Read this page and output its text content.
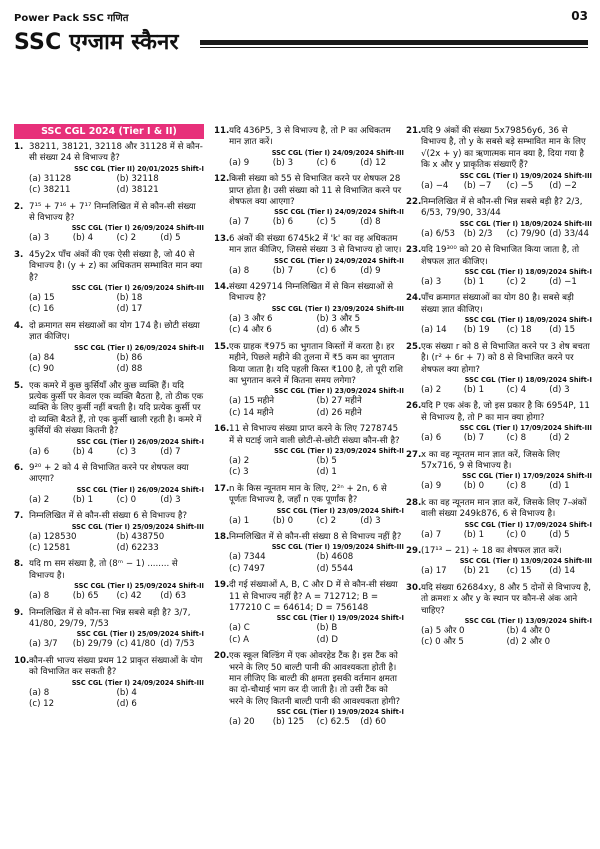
Power Pack SSC गणित	03
SSC एग्जाम स्कैनर
SSC CGL 2024 (Tier I & II)
1. 38211, 38121, 32118 और 31128 में से कौन-सी संख्या 24 से विभाज्य है?
SSC CGL (Tier II) 20/01/2025 Shift-I
(a) 31128	(b) 32118
(c) 38211	(d) 38121
2. 7¹⁵ + 7¹⁶ + 7¹⁷ निम्नलिखित में से कौन-सी संख्या से विभाज्य है?
SSC CGL (Tier I) 26/09/2024 Shift-III
(a) 3	(b) 4	(c) 2	(d) 5
3. 45y2x पाँच अंकों की एक ऐसी संख्या है, जो 40 से विभाज्य है। (y + z) का अधिकतम सम्भावित मान क्या है?
SSC CGL (Tier I) 26/09/2024 Shift-III
(a) 15	(b) 18
(c) 16	(d) 17
4. दो क्रमागत सम संख्याओं का योग 174 है। छोटी संख्या ज्ञात कीजिए।
SSC CGL (Tier I) 26/09/2024 Shift-II
(a) 84	(b) 86
(c) 90	(d) 88
5. एक कमरे में कुछ कुर्सियाँ और कुछ व्यक्ति हैं। यदि प्रत्येक कुर्सी पर केवल एक व्यक्ति बैठता है, तो ठीक एक व्यक्ति के लिए कुर्सी नहीं बचती है। यदि प्रत्येक कुर्सी पर दो व्यक्ति बैठते हैं, तो एक कुर्सी खाली रहती है। कमरे में कुर्सियों की संख्या कितनी है?
SSC CGL (Tier I) 26/09/2024 Shift-I
(a) 6	(b) 4	(c) 3	(d) 7
6. 9²⁰ + 2 को 4 से विभाजित करने पर शेषफल क्या आएगा?
SSC CGL (Tier I) 26/09/2024 Shift-I
(a) 2	(b) 1	(c) 0	(d) 3
7. निम्नलिखित में से कौन-सी संख्या 6 से विभाज्य है?
SSC CGL (Tier I) 25/09/2024 Shift-III
(a) 128530	(b) 438750
(c) 12581	(d) 62233
8. यदि m सम संख्या है, तो (8ᵐ − 1) ........ से विभाज्य है।
SSC CGL (Tier I) 25/09/2024 Shift-II
(a) 8	(b) 65	(c) 42	(d) 63
9. निम्नलिखित में से कौन-सा भिन्न सबसे बड़ी है? 3/7, 41/80, 29/79, 7/53
SSC CGL (Tier I) 25/09/2024 Shift-I
(a) 3/7	(b) 29/79 (c) 41/80 (d) 7/53
10. कौन-सी भाज्य संख्या प्रथम 12 प्राकृत संख्याओं के योग को विभाजित कर सकती है?
SSC CGL (Tier I) 24/09/2024 Shift-III
(a) 8	(b) 4
(c) 12	(d) 6
11. यदि 436P5, 3 से विभाज्य है, तो P का अधिकतम मान ज्ञात करें।
SSC CGL (Tier I) 24/09/2024 Shift-III
(a) 9	(b) 3	(c) 6	(d) 12
12. किसी संख्या को 55 से विभाजित करने पर शेषफल 28 प्राप्त होता है। उसी संख्या को 11 से विभाजित करने पर शेषफल क्या आएगा?
SSC CGL (Tier I) 24/09/2024 Shift-II
(a) 7	(b) 6	(c) 5	(d) 8
13. 6 अंकों की संख्या 6745k2 में 'k' का वह अधिकतम मान ज्ञात कीजिए, जिससे संख्या 3 से विभाज्य हो जाए।
SSC CGL (Tier I) 24/09/2024 Shift-II
(a) 8	(b) 7	(c) 6	(d) 9
14. संख्या 429714 निम्नलिखित में से किन संख्याओं से विभाज्य है?
SSC CGL (Tier I) 23/09/2024 Shift-III
(a) 3 और 6	(b) 3 और 5
(c) 4 और 6	(d) 6 और 5
15. एक ग्राहक ₹975 का भुगतान किस्तों में करता है। हर महीने, पिछले महीने की तुलना में ₹5 कम का भुगतान किया जाता है। यदि पहली किस्त ₹100 है, तो पूरी राशि का भुगतान करने में कितना समय लगेगा?
SSC CGL (Tier I) 23/09/2024 Shift-II
(a) 15 महीने	(b) 27 महीने
(c) 14 महीने	(d) 26 महीने
16. 11 से विभाज्य संख्या प्राप्त करने के लिए 7278745 में से घटाई जाने वाली छोटी-से-छोटी संख्या कौन-सी है?
SSC CGL (Tier I) 23/09/2024 Shift-II
(a) 2	(b) 5
(c) 3	(d) 1
17. n के किस न्यूनतम मान के लिए, 2²ⁿ + 2n, 6 से पूर्णतः विभाज्य है, जहाँ n एक पूर्णांक है?
SSC CGL (Tier I) 23/09/2024 Shift-I
(a) 1	(b) 0	(c) 2	(d) 3
18. निम्नलिखित में से कौन-सी संख्या 8 से विभाज्य नहीं है?
SSC CGL (Tier I) 19/09/2024 Shift-III
(a) 7344	(b) 4608
(c) 7497	(d) 5544
19. दी गई संख्याओं A, B, C और D में से कौन-सी संख्या 11 से विभाज्य नहीं है? A = 712712; B = 177210 C = 64614; D = 756148
SSC CGL (Tier I) 19/09/2024 Shift-I
(a) C	(b) B
(c) A	(d) D
20. एक स्कूल बिल्डिंग में एक ओवरहेड टैंक है। इस टैंक को भरने के लिए 50 बाल्टी पानी की आवश्यकता होती है। मान लीजिए कि बाल्टी की क्षमता इसकी वर्तमान क्षमता का दो-चौथाई भाग कर दी जाती है। तो उसी टैंक को भरने के लिए कितनी बाल्टी पानी की आवश्यकता होगी?
SSC CGL (Tier I) 19/09/2024 Shift-I
(a) 20	(b) 125	(c) 62.5	(d) 60
21. यदि 9 अंकों की संख्या 5x79856y6, 36 से विभाज्य है, तो y के सबसे बड़े सम्भावित मान के लिए √(2x + y) का ऋणात्मक मान क्या है, दिया गया है कि x और y प्राकृतिक संख्याएँ हैं?
SSC CGL (Tier I) 19/09/2024 Shift-III
(a) −4	(b) −7	(c) −5	(d) −2
22. निम्नलिखित में से कौन-सी भिन्न सबसे बड़ी है? 2/3, 6/53, 79/90, 33/44
SSC CGL (Tier I) 18/09/2024 Shift-III
(a) 6/53	(b) 2/3	(c) 79/90 (d) 33/44
23. यदि 19³⁰⁰ को 20 से विभाजित किया जाता है, तो शेषफल ज्ञात कीजिए।
SSC CGL (Tier I) 18/09/2024 Shift-I
(a) 3	(b) 1	(c) 2	(d) −1
24. पाँच क्रमागत संख्याओं का योग 80 है। सबसे बड़ी संख्या ज्ञात कीजिए।
SSC CGL (Tier I) 18/09/2024 Shift-I
(a) 14	(b) 19	(c) 18	(d) 15
25. एक संख्या r को 8 से विभाजित करने पर 3 शेष बचता है। (r² + 6r + 7) को 8 से विभाजित करने पर शेषफल क्या होगा?
SSC CGL (Tier I) 18/09/2024 Shift-I
(a) 2	(b) 1	(c) 4	(d) 3
26. यदि P एक अंक है, जो इस प्रकार है कि 6954P, 11 से विभाज्य है, तो P का मान क्या होगा?
SSC CGL (Tier I) 17/09/2024 Shift-III
(a) 6	(b) 7	(c) 8	(d) 2
27. x का वह न्यूनतम मान ज्ञात करें, जिसके लिए 57x716, 9 से विभाज्य है।
SSC CGL (Tier I) 17/09/2024 Shift-II
(a) 9	(b) 0	(c) 8	(d) 1
28. k का वह न्यूनतम मान ज्ञात करें, जिसके लिए 7-अंकों वाली संख्या 249k876, 6 से विभाज्य है।
SSC CGL (Tier I) 17/09/2024 Shift-I
(a) 7	(b) 1	(c) 0	(d) 5
29. (17¹³ − 21) ÷ 18 का शेषफल ज्ञात करें।
SSC CGL (Tier I) 13/09/2024 Shift-III
(a) 17	(b) 21	(c) 15	(d) 14
30. यदि संख्या 62684xy, 8 और 5 दोनों से विभाज्य है, तो क्रमशः x और y के स्थान पर कौन-से अंक आने चाहिए?
SSC CGL (Tier I) 13/09/2024 Shift-I
(a) 5 और 0	(b) 4 और 0
(c) 0 और 5	(d) 2 और 0
